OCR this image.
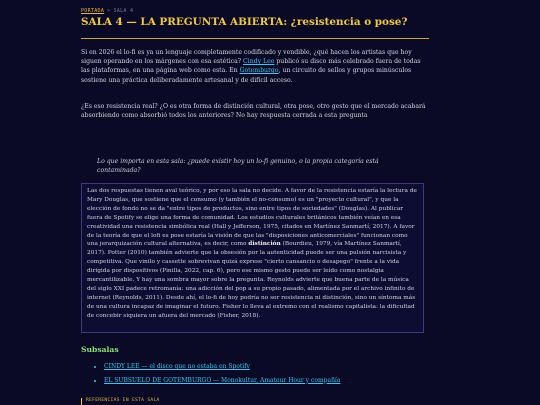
PORTADA > SALA 4
SALA 4 — LA PREGUNTA ABIERTA: ¿resistencia o pose?

Si en 2026 el lo-fi es ya un lenguaje completamente codificado y vendible, ¿qué hacen los artistas que hoy siguen operando en los márgenes con esa estética? Cindy Lee publicó su disco más celebrado fuera de todas las plataformas, en una página web como esta. En Gotemburgo, un circuito de sellos y grupos minúsculos sostiene una práctica deliberadamente artesanal y de difícil acceso.

¿Es eso resistencia real? ¿O es otra forma de distinción cultural, otra pose, otro gesto que el mercado acabará absorbiendo como absorbió todos los anteriores? No hay respuesta cerrada a esta pregunta

Lo que importa en esta sala: ¿puede existir hoy un lo-fi genuino, o la propia categoría está contaminada?

Las dos respuestas tienen aval teórico, y por eso la sala no decide. A favor de la resistencia estaría la lectura de Mary Douglas, que sostiene que el consumo (y también el no-consumo) es un "proyecto cultural", y que la elección de fondo no se da "entre tipos de productos, sino entre tipos de sociedades" (Douglas). Al publicar fuera de Spotify se elige una forma de comunidad. Los estudios culturales británicos también veían en esa creatividad una resistencia simbólica real (Hall y Jefferson, 1975, citados en Martínez Sanmartí, 2017). A favor de la teoría de que el lofi es pose estaría la visión de que las "disposiciones anticomerciales" funcionan como una jerarquización cultural alternativa, es decir, como distinción (Bourdieu, 1979, vía Martínez Sanmartí, 2017). Potter (2010) también advierte que la obsesión por la autenticidad puede ser una pulsión narcisista y competitiva. Que vinilo y cassette sobrevivan quizá exprese "cierto cansancio o desapego" frente a la vida dirigida por dispositivos (Pinilla, 2022, cap. 6), pero ese mismo gesto puede ser leído como nostalgia mercantilizable. Y hay una sombra mayor sobre la pregunta. Reynolds advierte que buena parte de la música del siglo XXI padece retromanía: una adicción del pop a su propio pasado, alimentada por el archivo infinito de internet (Reynolds, 2011). Desde ahí, el lo-fi de hoy podría no ser resistencia ni distinción, sino un síntoma más de una cultura incapaz de imaginar el futuro. Fisher lo lleva al extremo con el realismo capitalista: la dificultad de concebir siquiera un afuera del mercado (Fisher, 2018).

Subsalas
• CINDY LEE — el disco que no estaba en Spotify
• EL SUBSUELO DE GOTEMBURGO — Monokultur, Amateur Hour y compañía
REFERENCIAS EN ESTA SALA
